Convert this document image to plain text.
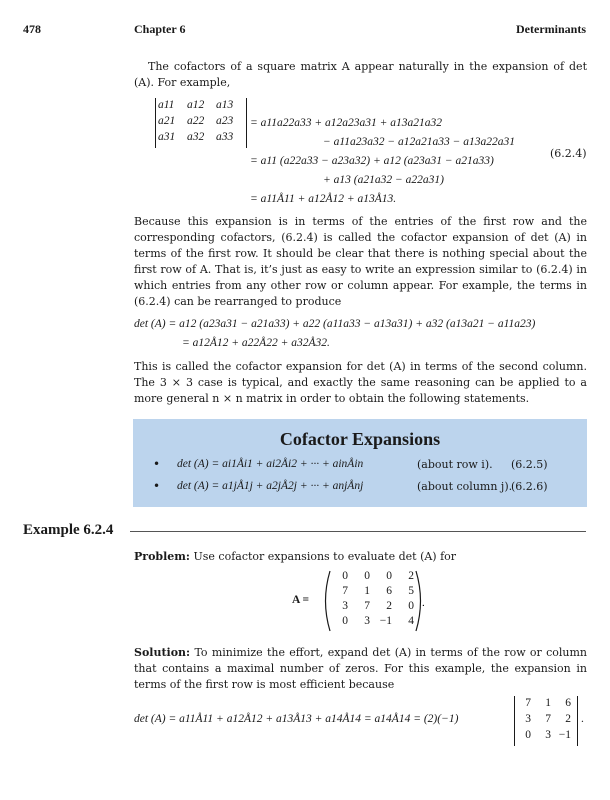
478	Chapter 6	Determinants
The cofactors of a square matrix A appear naturally in the expansion of det (A). For example,
a11	a12	a13
a21	a22	a23
a31	a32	a33
= a11a22a33 + a12a23a31 + a13a21a32
− a11a23a32 − a12a21a33 − a13a22a31
= a11 (a22a33 − a23a32) + a12 (a23a31 − a21a33)
+ a13 (a21a32 − a22a31)
= a11Å11 + a12Å12 + a13Å13.
(6.2.4)
Because this expansion is in terms of the entries of the first row and the corresponding cofactors, (6.2.4) is called the cofactor expansion of det (A) in terms of the first row. It should be clear that there is nothing special about the first row of A. That is, it’s just as easy to write an expression similar to (6.2.4) in which entries from any other row or column appear. For example, the terms in (6.2.4) can be rearranged to produce
det (A) = a12 (a23a31 − a21a33) + a22 (a11a33 − a13a31) + a32 (a13a21 − a11a23)
= a12Å12 + a22Å22 + a32Å32.
This is called the cofactor expansion for det (A) in terms of the second column. The 3 × 3 case is typical, and exactly the same reasoning can be applied to a more general n × n matrix in order to obtain the following statements.
Cofactor Expansions
• det (A) = ai1Åi1 + ai2Åi2 + ··· + ainÅin	(about row i). (6.2.5)
• det (A) = a1jÅ1j + a2jÅ2j + ··· + anjÅnj	(about column j).
(6.2.6)
Example 6.2.4
Problem: Use cofactor expansions to evaluate det (A) for
A =	.
0	0	0	2
7	1	6	5
3	7	2	0
0	3 −1	4
Solution: To minimize the effort, expand det (A) in terms of the row or column that contains a maximal number of zeros. For this example, the expansion in terms of the first row is most efficient because
det (A) = a11Å11 + a12Å12 + a13Å13 + a14Å14 = a14Å14 = (2)(−1)
7	1	6
3	7	2
0	3 −1
.
